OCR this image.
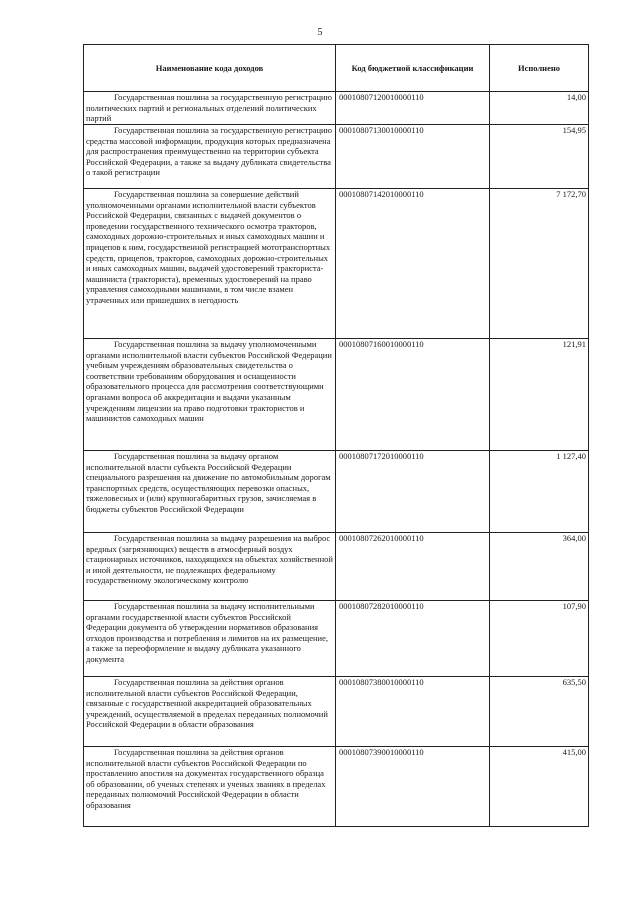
5
Наименование кода доходов	Код бюджетной классификации	Исполнено
Государственная пошлина за государственную регистрацию политических партий и региональных отделений политических партий	00010807120010000110	14,00
Государственная пошлина за государственную регистрацию средства массовой информации, продукция которых предназначена для распространения преимущественно на территории субъекта Российской Федерации, а также за выдачу дубликата свидетельства о такой регистрации	00010807130010000110	154,95
Государственная пошлина за совершение действий уполномоченными органами исполнительной власти субъектов Российской Федерации, связанных с выдачей документов о проведении государственного технического осмотра тракторов, самоходных дорожно-строительных и иных самоходных машин и прицепов к ним, государственной регистрацией мототранспортных средств, прицепов, тракторов, самоходных дорожно-строительных и иных самоходных машин, выдачей удостоверений тракториста-машиниста (тракториста), временных удостоверений на право управления самоходными машинами, в том числе взамен утраченных или пришедших в негодность	00010807142010000110	7 172,70
Государственная пошлина за выдачу уполномоченными органами исполнительной власти субъектов Российской Федерации учебным учреждениям образовательных свидетельства о соответствии требованиям оборудования и оснащенности образовательного процесса для рассмотрения соответствующими органами вопроса об аккредитации и выдачи указанным учреждениям лицензии на право подготовки трактористов и машинистов самоходных машин	00010807160010000110	121,91
Государственная пошлина за выдачу органом исполнительной власти субъекта Российской Федерации специального разрешения на движение по автомобильным дорогам транспортных средств, осуществляющих перевозки опасных, тяжеловесных и (или) крупногабаритных грузов, зачисляемая в бюджеты субъектов Российской Федерации	00010807172010000110	1 127,40
Государственная пошлина за выдачу разрешения на выброс вредных (загрязняющих) веществ в атмосферный воздух стационарных источников, находящихся на объектах хозяйственной и иной деятельности, не подлежащих федеральному государственному экологическому контролю	00010807262010000110	364,00
Государственная пошлина за выдачу исполнительными органами государственной власти субъектов Российской Федерации документа об утверждении нормативов образования отходов производства и потребления и лимитов на их размещение, а также за переоформление и выдачу дубликата указанного документа	00010807282010000110	107,90
Государственная пошлина за действия органов исполнительной власти субъектов Российской Федерации, связанные с государственной аккредитацией образовательных учреждений, осуществляемой в пределах переданных полномочий Российской Федерации в области образования	00010807380010000110	635,50
Государственная пошлина за действия органов исполнительной власти субъектов Российской Федерации по проставлению апостиля на документах государственного образца об образовании, об ученых степенях и ученых званиях в пределах переданных полномочий Российской Федерации в области образования	00010807390010000110	415,00
